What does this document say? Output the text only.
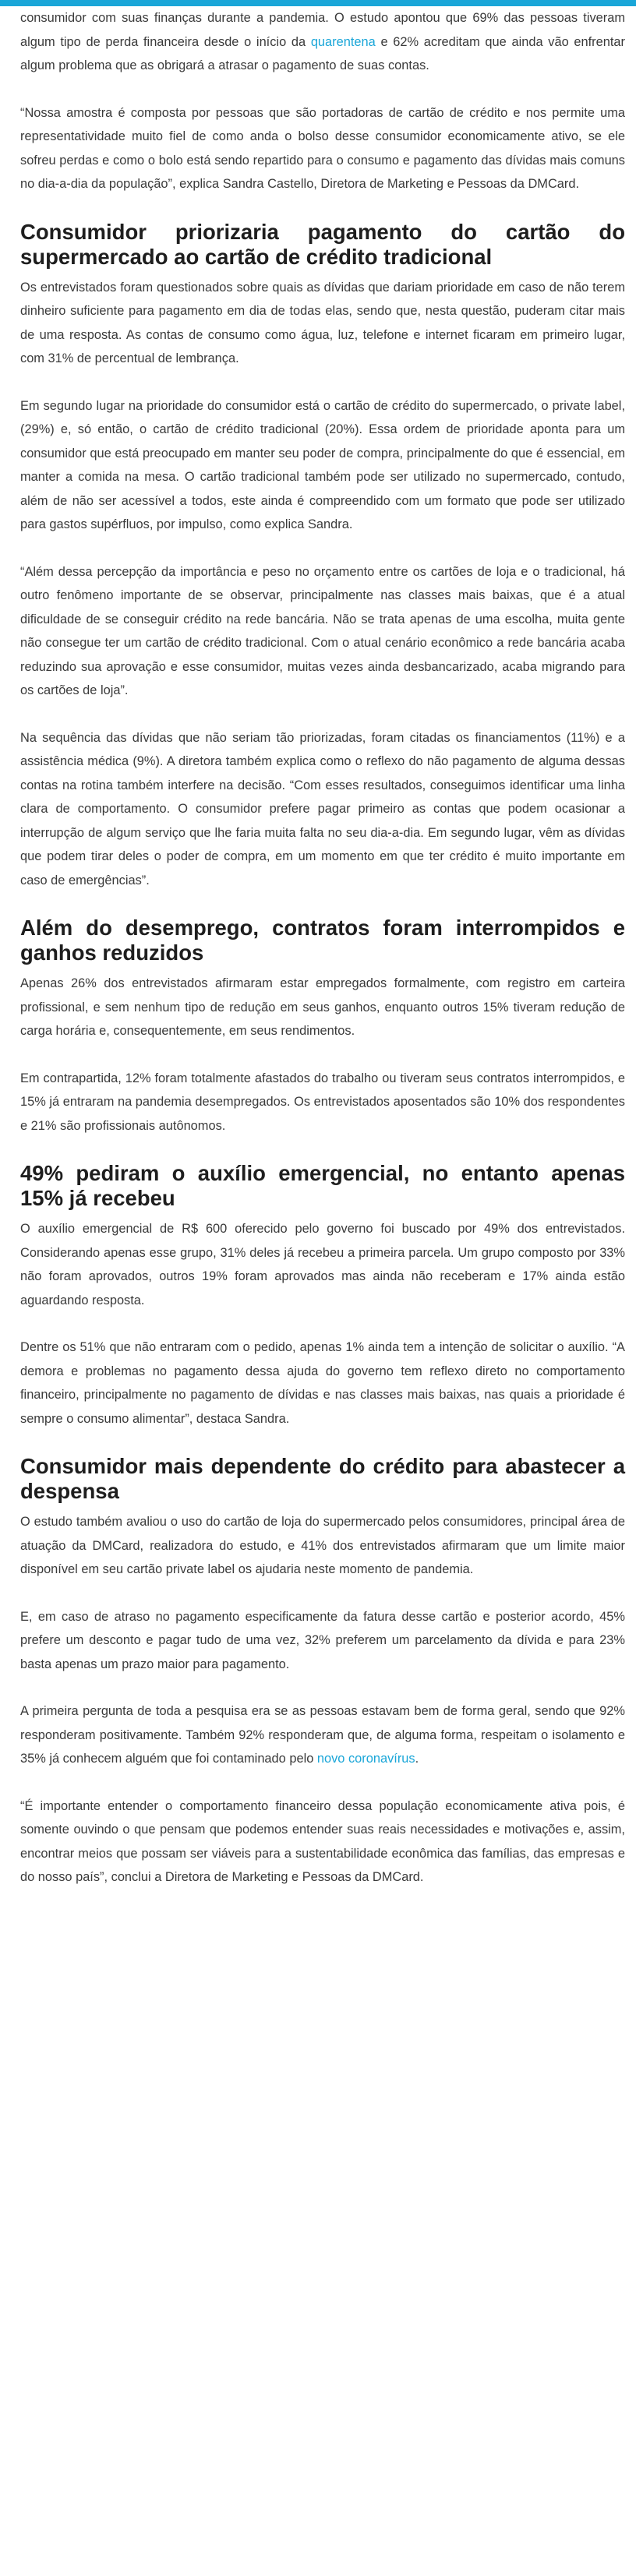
consumidor com suas finanças durante a pandemia. O estudo apontou que 69% das pessoas tiveram algum tipo de perda financeira desde o início da quarentena e 62% acreditam que ainda vão enfrentar algum problema que as obrigará a atrasar o pagamento de suas contas.

“Nossa amostra é composta por pessoas que são portadoras de cartão de crédito e nos permite uma representatividade muito fiel de como anda o bolso desse consumidor economicamente ativo, se ele sofreu perdas e como o bolo está sendo repartido para o consumo e pagamento das dívidas mais comuns no dia-a-dia da população”, explica Sandra Castello, Diretora de Marketing e Pessoas da DMCard.

Consumidor priorizaria pagamento do cartão do supermercado ao cartão de crédito tradicional

Os entrevistados foram questionados sobre quais as dívidas que dariam prioridade em caso de não terem dinheiro suficiente para pagamento em dia de todas elas, sendo que, nesta questão, puderam citar mais de uma resposta. As contas de consumo como água, luz, telefone e internet ficaram em primeiro lugar, com 31% de percentual de lembrança.

Em segundo lugar na prioridade do consumidor está o cartão de crédito do supermercado, o private label, (29%) e, só então, o cartão de crédito tradicional (20%). Essa ordem de prioridade aponta para um consumidor que está preocupado em manter seu poder de compra, principalmente do que é essencial, em manter a comida na mesa. O cartão tradicional também pode ser utilizado no supermercado, contudo, além de não ser acessível a todos, este ainda é compreendido com um formato que pode ser utilizado para gastos supérfluos, por impulso, como explica Sandra.

“Além dessa percepção da importância e peso no orçamento entre os cartões de loja e o tradicional, há outro fenômeno importante de se observar, principalmente nas classes mais baixas, que é a atual dificuldade de se conseguir crédito na rede bancária. Não se trata apenas de uma escolha, muita gente não consegue ter um cartão de crédito tradicional. Com o atual cenário econômico a rede bancária acaba reduzindo sua aprovação e esse consumidor, muitas vezes ainda desbancarizado, acaba migrando para os cartões de loja”.

Na sequência das dívidas que não seriam tão priorizadas, foram citadas os financiamentos (11%) e a assistência médica (9%). A diretora também explica como o reflexo do não pagamento de alguma dessas contas na rotina também interfere na decisão. “Com esses resultados, conseguimos identificar uma linha clara de comportamento. O consumidor prefere pagar primeiro as contas que podem ocasionar a interrupção de algum serviço que lhe faria muita falta no seu dia-a-dia. Em segundo lugar, vêm as dívidas que podem tirar deles o poder de compra, em um momento em que ter crédito é muito importante em caso de emergências”.

Além do desemprego, contratos foram interrompidos e ganhos reduzidos

Apenas 26% dos entrevistados afirmaram estar empregados formalmente, com registro em carteira profissional, e sem nenhum tipo de redução em seus ganhos, enquanto outros 15% tiveram redução de carga horária e, consequentemente, em seus rendimentos.

Em contrapartida, 12% foram totalmente afastados do trabalho ou tiveram seus contratos interrompidos, e 15% já entraram na pandemia desempregados. Os entrevistados aposentados são 10% dos respondentes e 21% são profissionais autônomos.

49% pediram o auxílio emergencial, no entanto apenas 15% já recebeu

O auxílio emergencial de R$ 600 oferecido pelo governo foi buscado por 49% dos entrevistados. Considerando apenas esse grupo, 31% deles já recebeu a primeira parcela. Um grupo composto por 33% não foram aprovados, outros 19% foram aprovados mas ainda não receberam e 17% ainda estão aguardando resposta.

Dentre os 51% que não entraram com o pedido, apenas 1% ainda tem a intenção de solicitar o auxílio. “A demora e problemas no pagamento dessa ajuda do governo tem reflexo direto no comportamento financeiro, principalmente no pagamento de dívidas e nas classes mais baixas, nas quais a prioridade é sempre o consumo alimentar”, destaca Sandra.

Consumidor mais dependente do crédito para abastecer a despensa

O estudo também avaliou o uso do cartão de loja do supermercado pelos consumidores, principal área de atuação da DMCard, realizadora do estudo, e 41% dos entrevistados afirmaram que um limite maior disponível em seu cartão private label os ajudaria neste momento de pandemia.

E, em caso de atraso no pagamento especificamente da fatura desse cartão e posterior acordo, 45% prefere um desconto e pagar tudo de uma vez, 32% preferem um parcelamento da dívida e para 23% basta apenas um prazo maior para pagamento.

A primeira pergunta de toda a pesquisa era se as pessoas estavam bem de forma geral, sendo que 92% responderam positivamente. Também 92% responderam que, de alguma forma, respeitam o isolamento e 35% já conhecem alguém que foi contaminado pelo novo coronavírus.

“É importante entender o comportamento financeiro dessa população economicamente ativa pois, é somente ouvindo o que pensam que podemos entender suas reais necessidades e motivações e, assim, encontrar meios que possam ser viáveis para a sustentabilidade econômica das famílias, das empresas e do nosso país”, conclui a Diretora de Marketing e Pessoas da DMCard.
